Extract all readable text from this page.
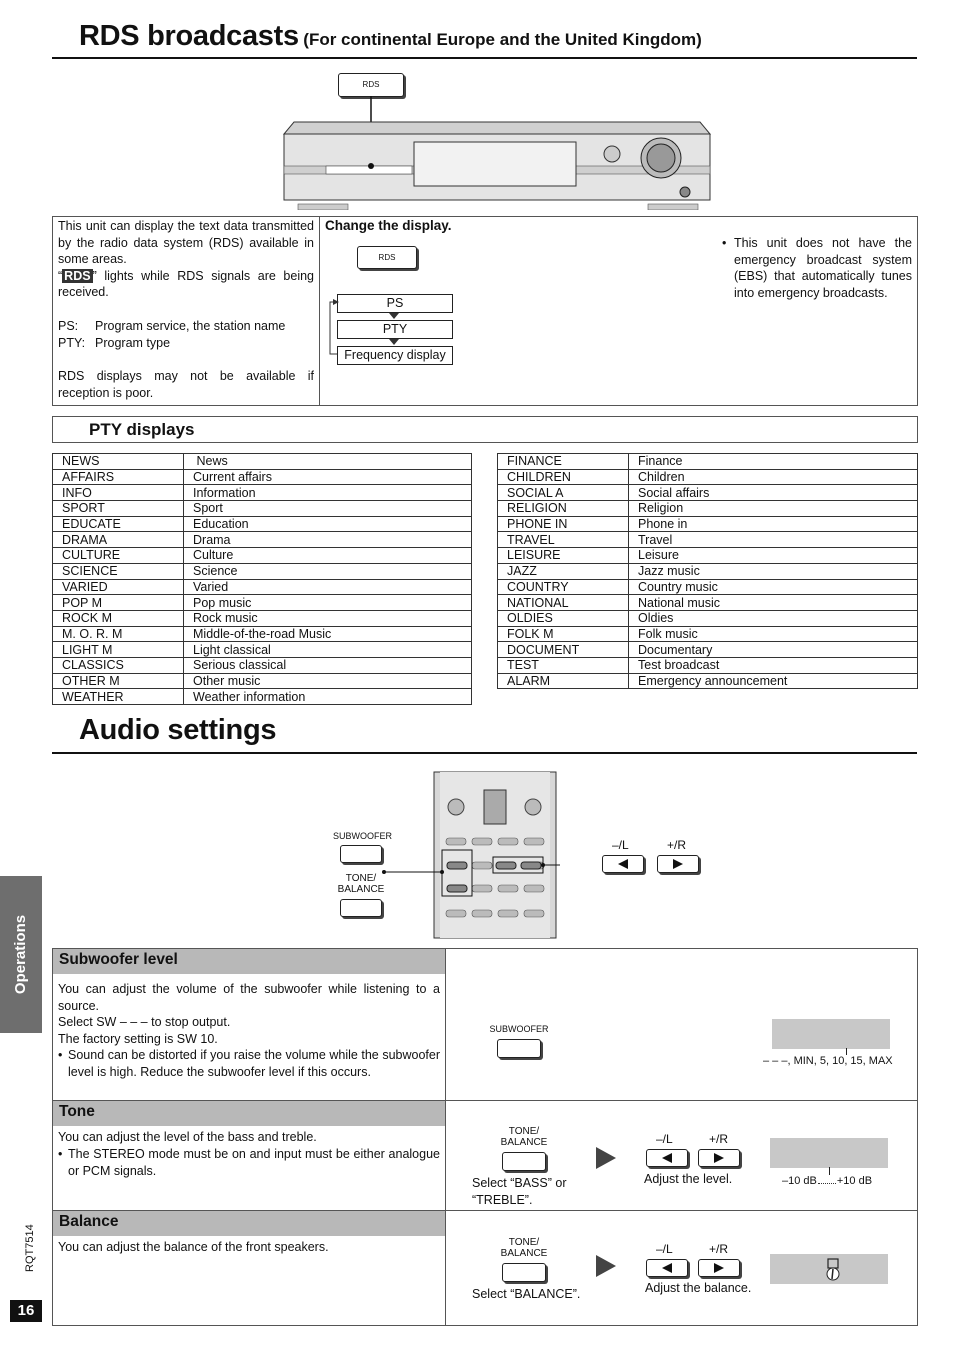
RDS broadcasts (For continental Europe and the United Kingdom)
RDS
This unit can display the text data transmitted by the radio data system (RDS) available in some areas.
“ RDS ” lights while RDS signals are being received.
PS: Program service, the station name
PTY: Program type
RDS displays may not be available if reception is poor.
Change the display.
RDS
PS
PTY
Frequency display
• This unit does not have the emergency broadcast system (EBS) that automatically tunes into emergency broadcasts.
PTY displays
NEWS	News
AFFAIRS	Current affairs
INFO	Information
SPORT	Sport
EDUCATE	Education
DRAMA	Drama
CULTURE	Culture
SCIENCE	Science
VARIED	Varied
POP M	Pop music
ROCK M	Rock music
M. O. R. M	Middle-of-the-road Music
LIGHT M	Light classical
CLASSICS	Serious classical
OTHER M	Other music
WEATHER	Weather information
FINANCE	Finance
CHILDREN	Children
SOCIAL A	Social affairs
RELIGION	Religion
PHONE IN	Phone in
TRAVEL	Travel
LEISURE	Leisure
JAZZ	Jazz music
COUNTRY	Country music
NATIONAL	National music
OLDIES	Oldies
FOLK M	Folk music
DOCUMENT	Documentary
TEST	Test broadcast
ALARM	Emergency announcement
Audio settings
SUBWOOFER
TONE/
BALANCE
–/L	+/R
Operations	Subwoofer level
You can adjust the volume of the subwoofer while listening to a source.
Select SW – – – to stop output.
The factory setting is SW 10.
• Sound can be distorted if you raise the volume while the subwoofer level is high. Reduce the subwoofer level if this occurs.
SUBWOOFER
– – –, MIN, 5, 10, 15, MAX
Tone
You can adjust the level of the bass and treble.
• The STEREO mode must be on and input must be either analogue or PCM signals.
TONE/
BALANCE
Select “BASS” or “TREBLE”.
–/L	+/R
Adjust the level.	–10 dB +10 dB
Balance
You can adjust the balance of the front speakers.	TONE/
BALANCE
Select “BALANCE”.
–/L	+/R
Adjust the balance.
RQT7514
16
